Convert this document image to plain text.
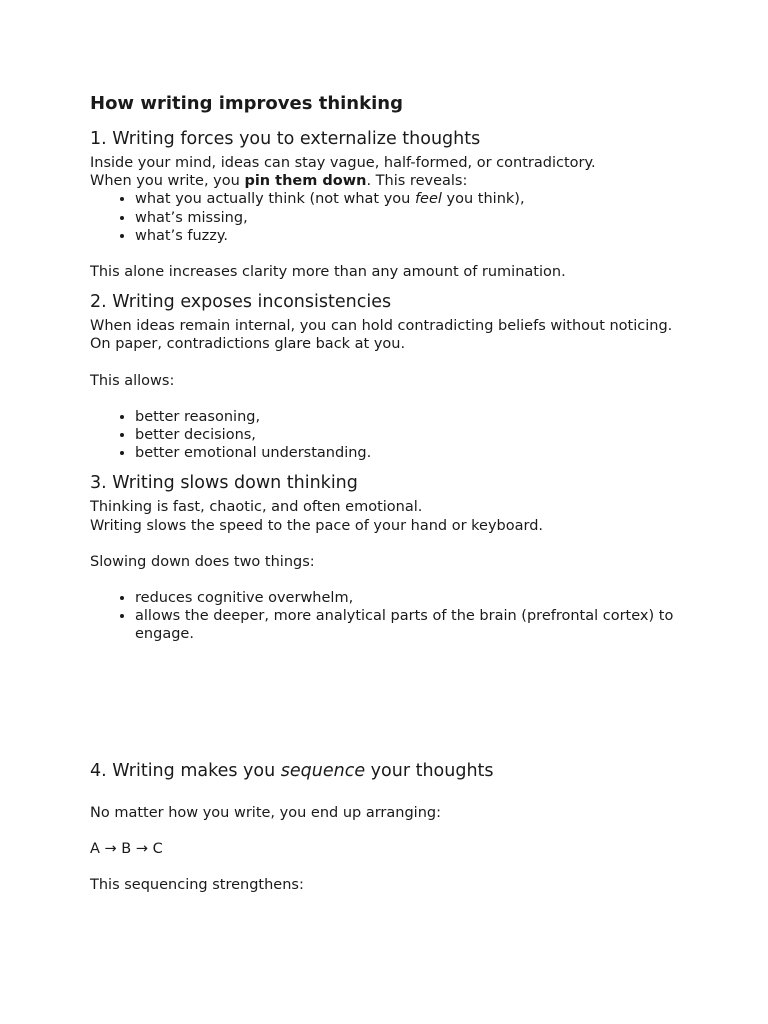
How writing improves thinking
1. Writing forces you to externalize thoughts

Inside your mind, ideas can stay vague, half-formed, or contradictory.

When you write, you pin them down. This reveals:

• what you actually think (not what you feel you think),
• what’s missing,
• what’s fuzzy.

This alone increases clarity more than any amount of rumination.

2. Writing exposes inconsistencies

When ideas remain internal, you can hold contradicting beliefs without noticing.

On paper, contradictions glare back at you.

This allows:

• better reasoning,
• better decisions,
• better emotional understanding.
3. Writing slows down thinking

Thinking is fast, chaotic, and often emotional.

Writing slows the speed to the pace of your hand or keyboard.

Slowing down does two things:

• reduces cognitive overwhelm,
• allows the deeper, more analytical parts of the brain (prefrontal cortex) to engage.
4. Writing makes you sequence your thoughts

No matter how you write, you end up arranging:

A → B → C

This sequencing strengthens:
